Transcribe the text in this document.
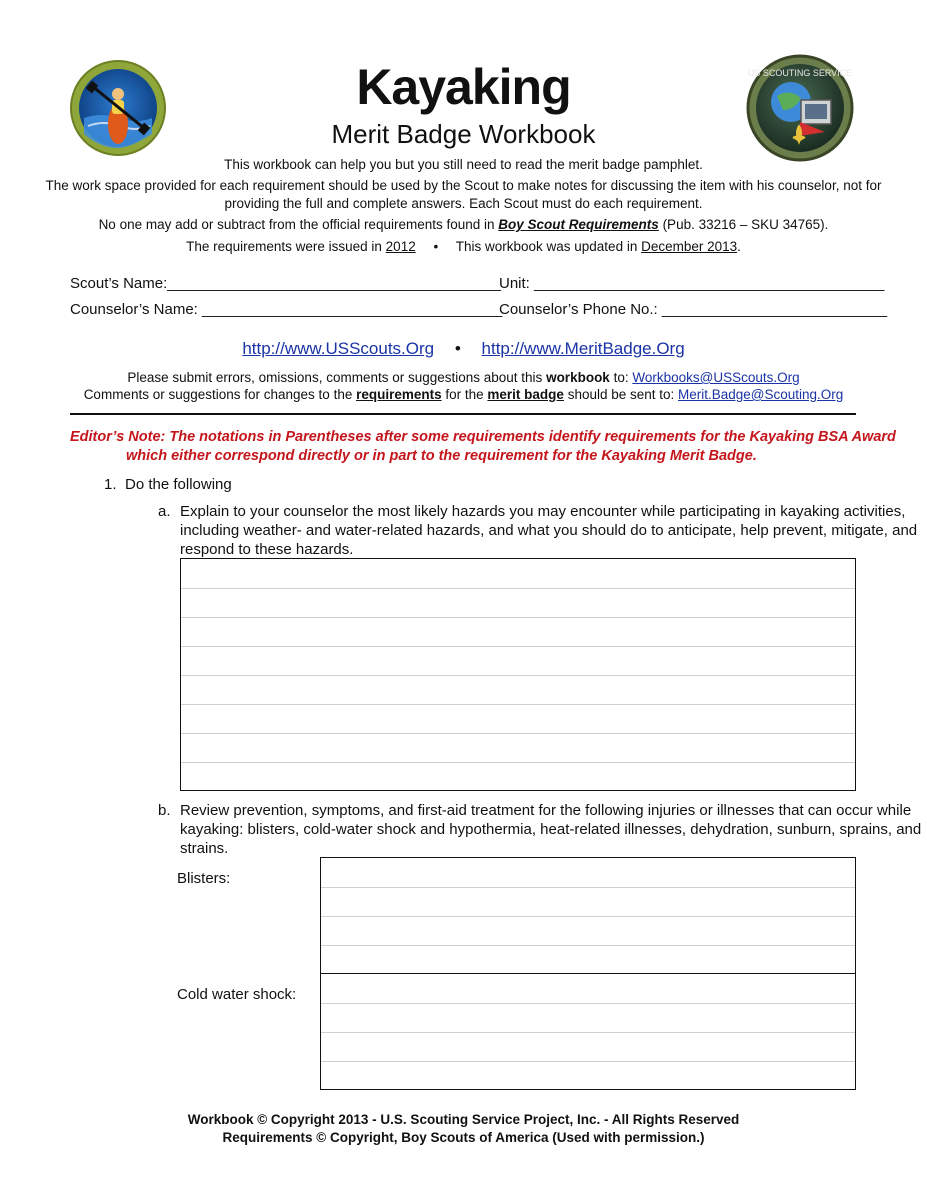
US SCOUTING SERVICE
Kayaking
Merit Badge Workbook
This workbook can help you but you still need to read the merit badge pamphlet.
The work space provided for each requirement should be used by the Scout to make notes for discussing the item with his counselor, not for
providing the full and complete answers. Each Scout must do each requirement.
No one may add or subtract from the official requirements found in Boy Scout Requirements (Pub. 33216 – SKU 34765).
The requirements were issued in 2012 • This workbook was updated in December 2013.
Scout’s Name:________________________________________
Unit: __________________________________________
Counselor’s Name: ____________________________________
Counselor’s Phone No.: ___________________________
http://www.USScouts.Org • http://www.MeritBadge.Org
Please submit errors, omissions, comments or suggestions about this workbook to: Workbooks@USScouts.Org
Comments or suggestions for changes to the requirements for the merit badge should be sent to: Merit.Badge@Scouting.Org
Editor’s Note: The notations in Parentheses after some requirements identify requirements for the Kayaking BSA Award
which either correspond directly or in part to the requirement for the Kayaking Merit Badge.
1. Do the following
a. Explain to your counselor the most likely hazards you may encounter while participating in kayaking activities,
including weather- and water-related hazards, and what you should do to anticipate, help prevent, mitigate, and
respond to these hazards.
b. Review prevention, symptoms, and first-aid treatment for the following injuries or illnesses that can occur while
kayaking: blisters, cold-water shock and hypothermia, heat-related illnesses, dehydration, sunburn, sprains, and
strains.
Blisters:
Cold water shock:
Workbook © Copyright 2013 - U.S. Scouting Service Project, Inc. - All Rights Reserved
Requirements © Copyright, Boy Scouts of America (Used with permission.)
